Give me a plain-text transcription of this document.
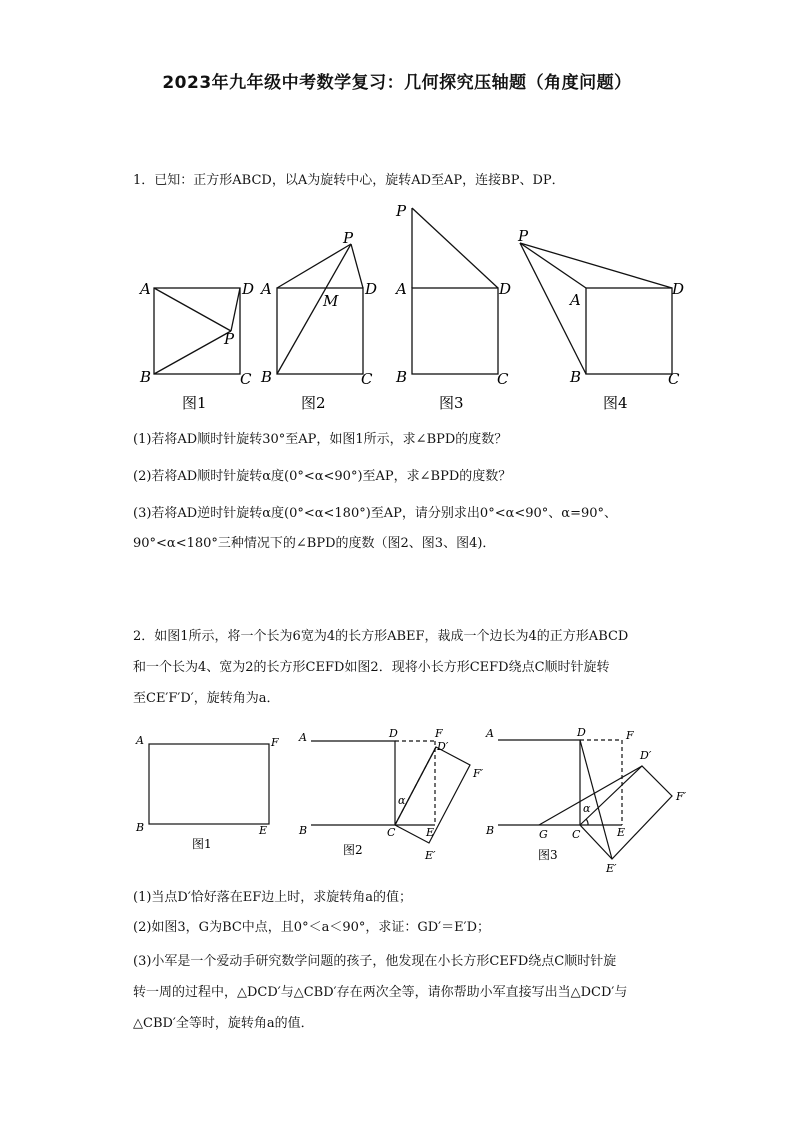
2023年九年级中考数学复习：几何探究压轴题（角度问题）
1．已知：正方形ABCD，以A为旋转中心，旋转AD至AP，连接BP、DP．
A	D
B	C
P
图1
P
A	D
M
B	C
图2
P
A	D
B	C
图3
P
A
D
B	C
图4
(1)若将AD顺时针旋转30°至AP，如图1所示，求∠BPD的度数？
(2)若将AD顺时针旋转α度(0°<α<90°)至AP，求∠BPD的度数？
(3)若将AD逆时针旋转α度(0°<α<180°)至AP，请分别求出0°<α<90°、α=90°、
90°<α<180°三种情况下的∠BPD的度数（图2、图3、图4)．
2．如图1所示，将一个长为6宽为4的长方形ABEF，裁成一个边长为4的正方形ABCD
和一个长为4、宽为2的长方形CEFD如图2．现将小长方形CEFD绕点C顺时针旋转
至CE′F′D′，旋转角为a．
A	F
B	E
图1
A	D	F
D′
F′
α
B	C	E
E′
图2
A	D	F
D′
F′
α
B	G C	E
E′
图3
(1)当点D′恰好落在EF边上时，求旋转角a的值；
(2)如图3，G为BC中点，且0°＜a＜90°，求证：GD′＝E′D；
(3)小军是一个爱动手研究数学问题的孩子，他发现在小长方形CEFD绕点C顺时针旋
转一周的过程中，△DCD′与△CBD′存在两次全等，请你帮助小军直接写出当△DCD′与
△CBD′全等时，旋转角a的值．
